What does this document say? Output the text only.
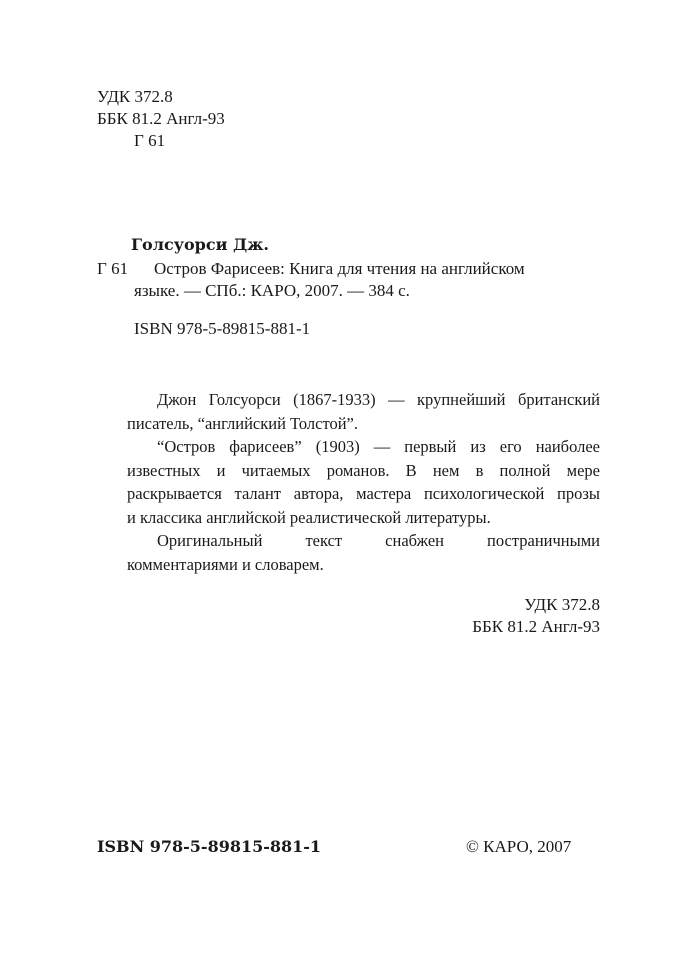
УДК 372.8
ББК 81.2 Англ-93
Г 61
Голсуорси Дж.
Г 61 Остров Фарисеев: Книга для чтения на английском
языке. — СПб.: КАРО, 2007. — 384 с.
ISBN 978-5-89815-881-1

Джон Голсуорси (1867-1933) — крупнейший британский

писатель, “английский Толстой”.

“Остров фарисеев” (1903) — первый из его наиболее

известных и читаемых романов. В нем в полной мере

раскрывается талант автора, мастера психологической прозы

и классика английской реалистической литературы.

Оригинальный текст снабжен постраничными

комментариями и словарем.

УДК 372.8
ББК 81.2 Англ-93
ISBN 978-5-89815-881-1	© КАРО, 2007
